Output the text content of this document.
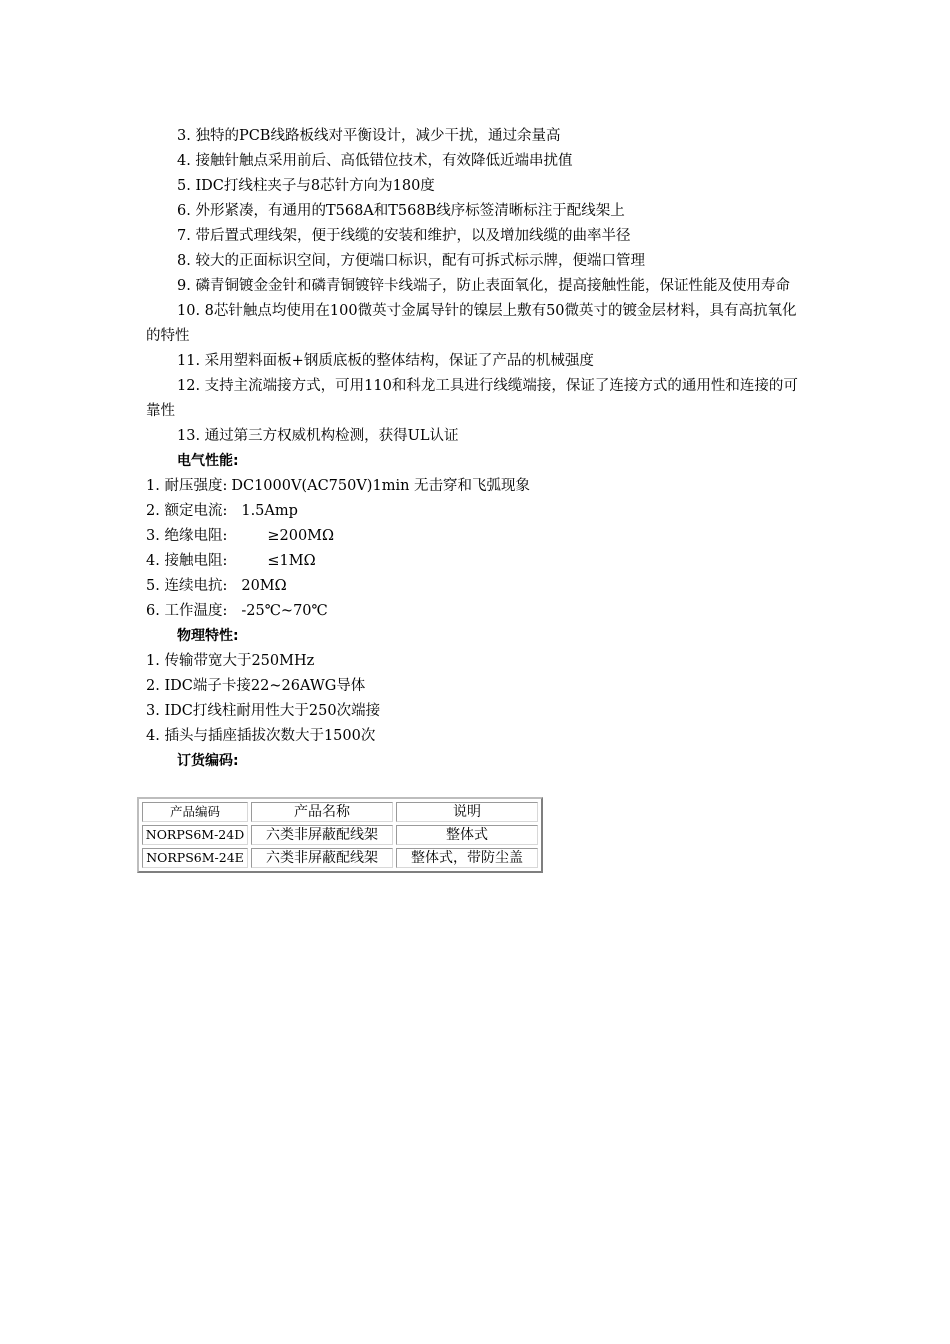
3. 独特的PCB线路板线对平衡设计，减少干扰，通过余量高

4. 接触针触点采用前后、高低错位技术，有效降低近端串扰值

5. IDC打线柱夹子与8芯针方向为180度

6. 外形紧凑，有通用的T568A和T568B线序标签清晰标注于配线架上

7. 带后置式理线架，便于线缆的安装和维护，以及增加线缆的曲率半径

8. 较大的正面标识空间，方便端口标识，配有可拆式标示牌，便端口管理

9. 磷青铜镀金金针和磷青铜镀锌卡线端子，防止表面氧化，提高接触性能，保证性能及使用寿命

10. 8芯针触点均使用在100微英寸金属导针的镍层上敷有50微英寸的镀金层材料，具有高抗氧化的特性

11. 采用塑料面板+钢质底板的整体结构，保证了产品的机械强度

12. 支持主流端接方式，可用110和科龙工具进行线缆端接，保证了连接方式的通用性和连接的可靠性

13. 通过第三方权威机构检测，获得UL认证

电气性能:

1. 耐压强度: DC1000V(AC750V)1min 无击穿和飞弧现象

2. 额定电流: 1.5Amp

3. 绝缘电阻:	≥200MΩ

4. 接触电阻:	≤1MΩ

5. 连续电抗: 20MΩ

6. 工作温度: -25℃~70℃

物理特性:

1. 传输带宽大于250MHz

2. IDC端子卡接22~26AWG导体

3. IDC打线柱耐用性大于250次端接

4. 插头与插座插拔次数大于1500次

订货编码:

产品编码	产品名称	说明
NORPS6M-24D	六类非屏蔽配线架	整体式
NORPS6M-24E	六类非屏蔽配线架	整体式，带防尘盖
